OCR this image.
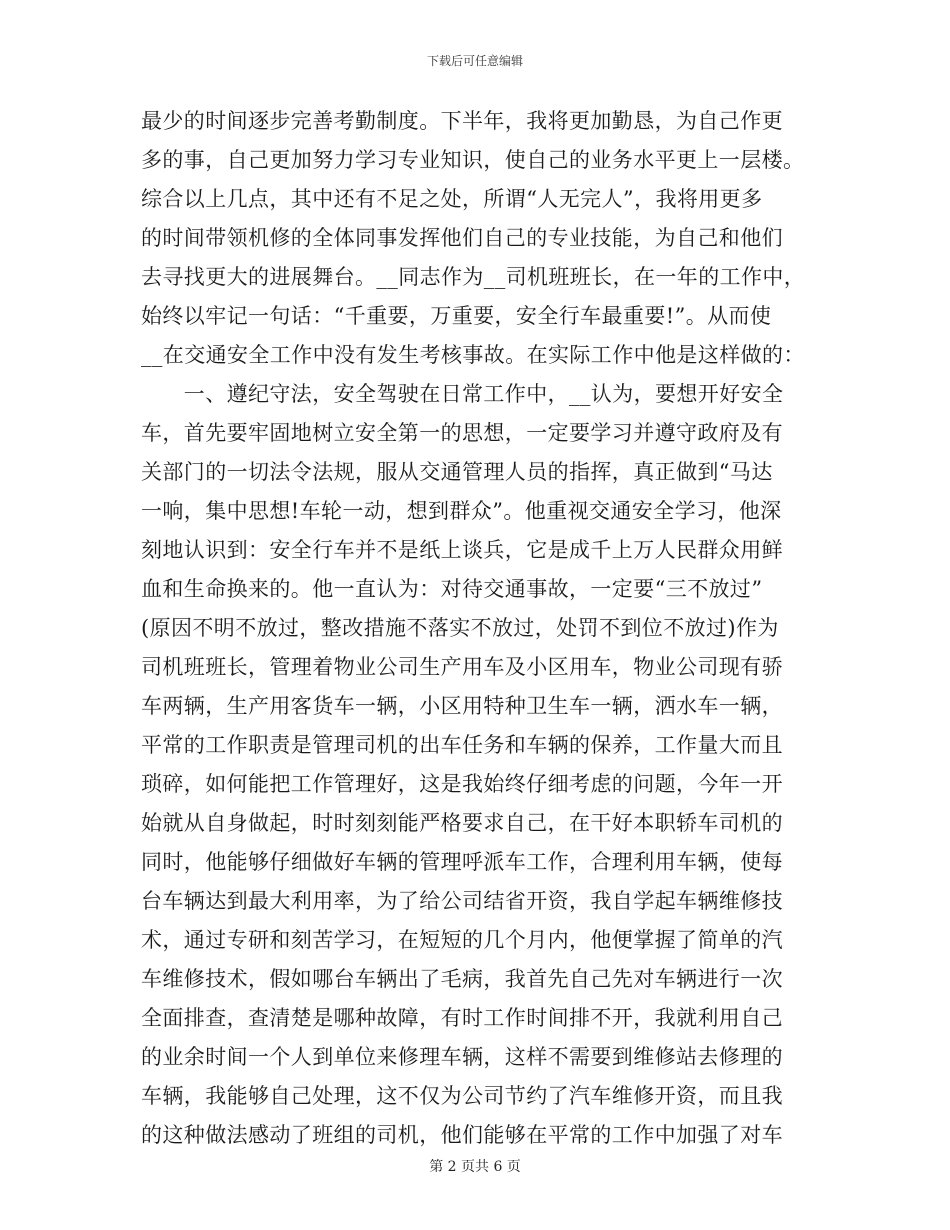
下载后可任意编辑
最少的时间逐步完善考勤制度。下半年，我将更加勤恳，为自己作更
多的事，自己更加努力学习专业知识，使自己的业务水平更上一层楼。
综合以上几点，其中还有不足之处，所谓“人无完人”，我将用更多
的时间带领机修的全体同事发挥他们自己的专业技能，为自己和他们
去寻找更大的进展舞台。__同志作为__司机班班长，在一年的工作中，
始终以牢记一句话：“千重要，万重要，安全行车最重要!”。从而使
__在交通安全工作中没有发生考核事故。在实际工作中他是这样做的：
　　一、遵纪守法，安全驾驶在日常工作中，__认为，要想开好安全
车，首先要牢固地树立安全第一的思想，一定要学习并遵守政府及有
关部门的一切法令法规，服从交通管理人员的指挥，真正做到“马达
一响，集中思想!车轮一动，想到群众”。他重视交通安全学习，他深
刻地认识到：安全行车并不是纸上谈兵，它是成千上万人民群众用鲜
血和生命换来的。他一直认为：对待交通事故，一定要“三不放过”
(原因不明不放过，整改措施不落实不放过，处罚不到位不放过)作为
司机班班长，管理着物业公司生产用车及小区用车，物业公司现有骄
车两辆，生产用客货车一辆，小区用特种卫生车一辆，洒水车一辆，
平常的工作职责是管理司机的出车任务和车辆的保养，工作量大而且
琐碎，如何能把工作管理好，这是我始终仔细考虑的问题，今年一开
始就从自身做起，时时刻刻能严格要求自己，在干好本职轿车司机的
同时，他能够仔细做好车辆的管理呼派车工作，合理利用车辆，使每
台车辆达到最大利用率，为了给公司结省开资，我自学起车辆维修技
术，通过专研和刻苦学习，在短短的几个月内，他便掌握了简单的汽
车维修技术，假如哪台车辆出了毛病，我首先自己先对车辆进行一次
全面排查，查清楚是哪种故障，有时工作时间排不开，我就利用自己
的业余时间一个人到单位来修理车辆，这样不需要到维修站去修理的
车辆，我能够自己处理，这不仅为公司节约了汽车维修开资，而且我
的这种做法感动了班组的司机，他们能够在平常的工作中加强了对车
第 2 页共 6 页
